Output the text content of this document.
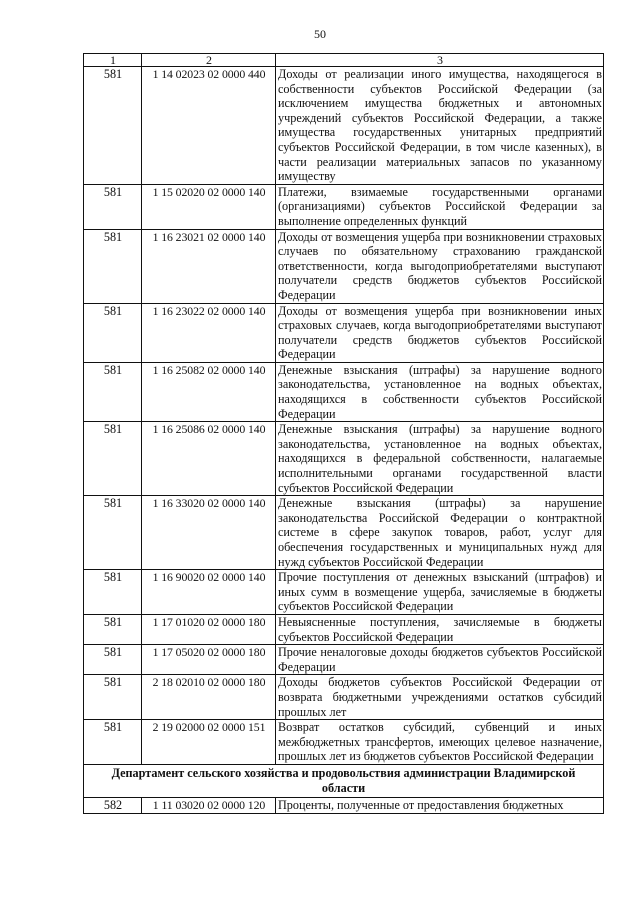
50
1	2	3
581	1 14 02023 02 0000 440	Доходы от реализации иного имущества, находящегося в собственности субъектов Российской Федерации (за исключением имущества бюджетных и автономных учреждений субъектов Российской Федерации, а также имущества государственных унитарных предприятий субъектов Российской Федерации, в том числе казенных), в части реализации материальных запасов по указанному имуществу
581	1 15 02020 02 0000 140	Платежи, взимаемые государственными органами (организациями) субъектов Российской Федерации за выполнение определенных функций
581	1 16 23021 02 0000 140	Доходы от возмещения ущерба при возникновении страховых случаев по обязательному страхованию гражданской ответственности, когда выгодоприобретателями выступают получатели средств бюджетов субъектов Российской Федерации
581	1 16 23022 02 0000 140	Доходы от возмещения ущерба при возникновении иных страховых случаев, когда выгодоприобретателями выступают получатели средств бюджетов субъектов Российской Федерации
581	1 16 25082 02 0000 140	Денежные взыскания (штрафы) за нарушение водного законодательства, установленное на водных объектах, находящихся в собственности субъектов Российской Федерации
581	1 16 25086 02 0000 140	Денежные взыскания (штрафы) за нарушение водного законодательства, установленное на водных объектах, находящихся в федеральной собственности, налагаемые исполнительными органами государственной власти субъектов Российской Федерации
581	1 16 33020 02 0000 140	Денежные взыскания (штрафы) за нарушение законодательства Российской Федерации о контрактной системе в сфере закупок товаров, работ, услуг для обеспечения государственных и муниципальных нужд для нужд субъектов Российской Федерации
581	1 16 90020 02 0000 140	Прочие поступления от денежных взысканий (штрафов) и иных сумм в возмещение ущерба, зачисляемые в бюджеты субъектов Российской Федерации
581	1 17 01020 02 0000 180	Невыясненные поступления, зачисляемые в бюджеты субъектов Российской Федерации
581	1 17 05020 02 0000 180	Прочие неналоговые доходы бюджетов субъектов Российской Федерации
581	2 18 02010 02 0000 180	Доходы бюджетов субъектов Российской Федерации от возврата бюджетными учреждениями остатков субсидий прошлых лет
581	2 19 02000 02 0000 151	Возврат остатков субсидий, субвенций и иных межбюджетных трансфертов, имеющих целевое назначение, прошлых лет из бюджетов субъектов Российской Федерации
Департамент сельского хозяйства и продовольствия администрации Владимирской области		
582	1 11 03020 02 0000 120	Проценты, полученные от предоставления бюджетных
